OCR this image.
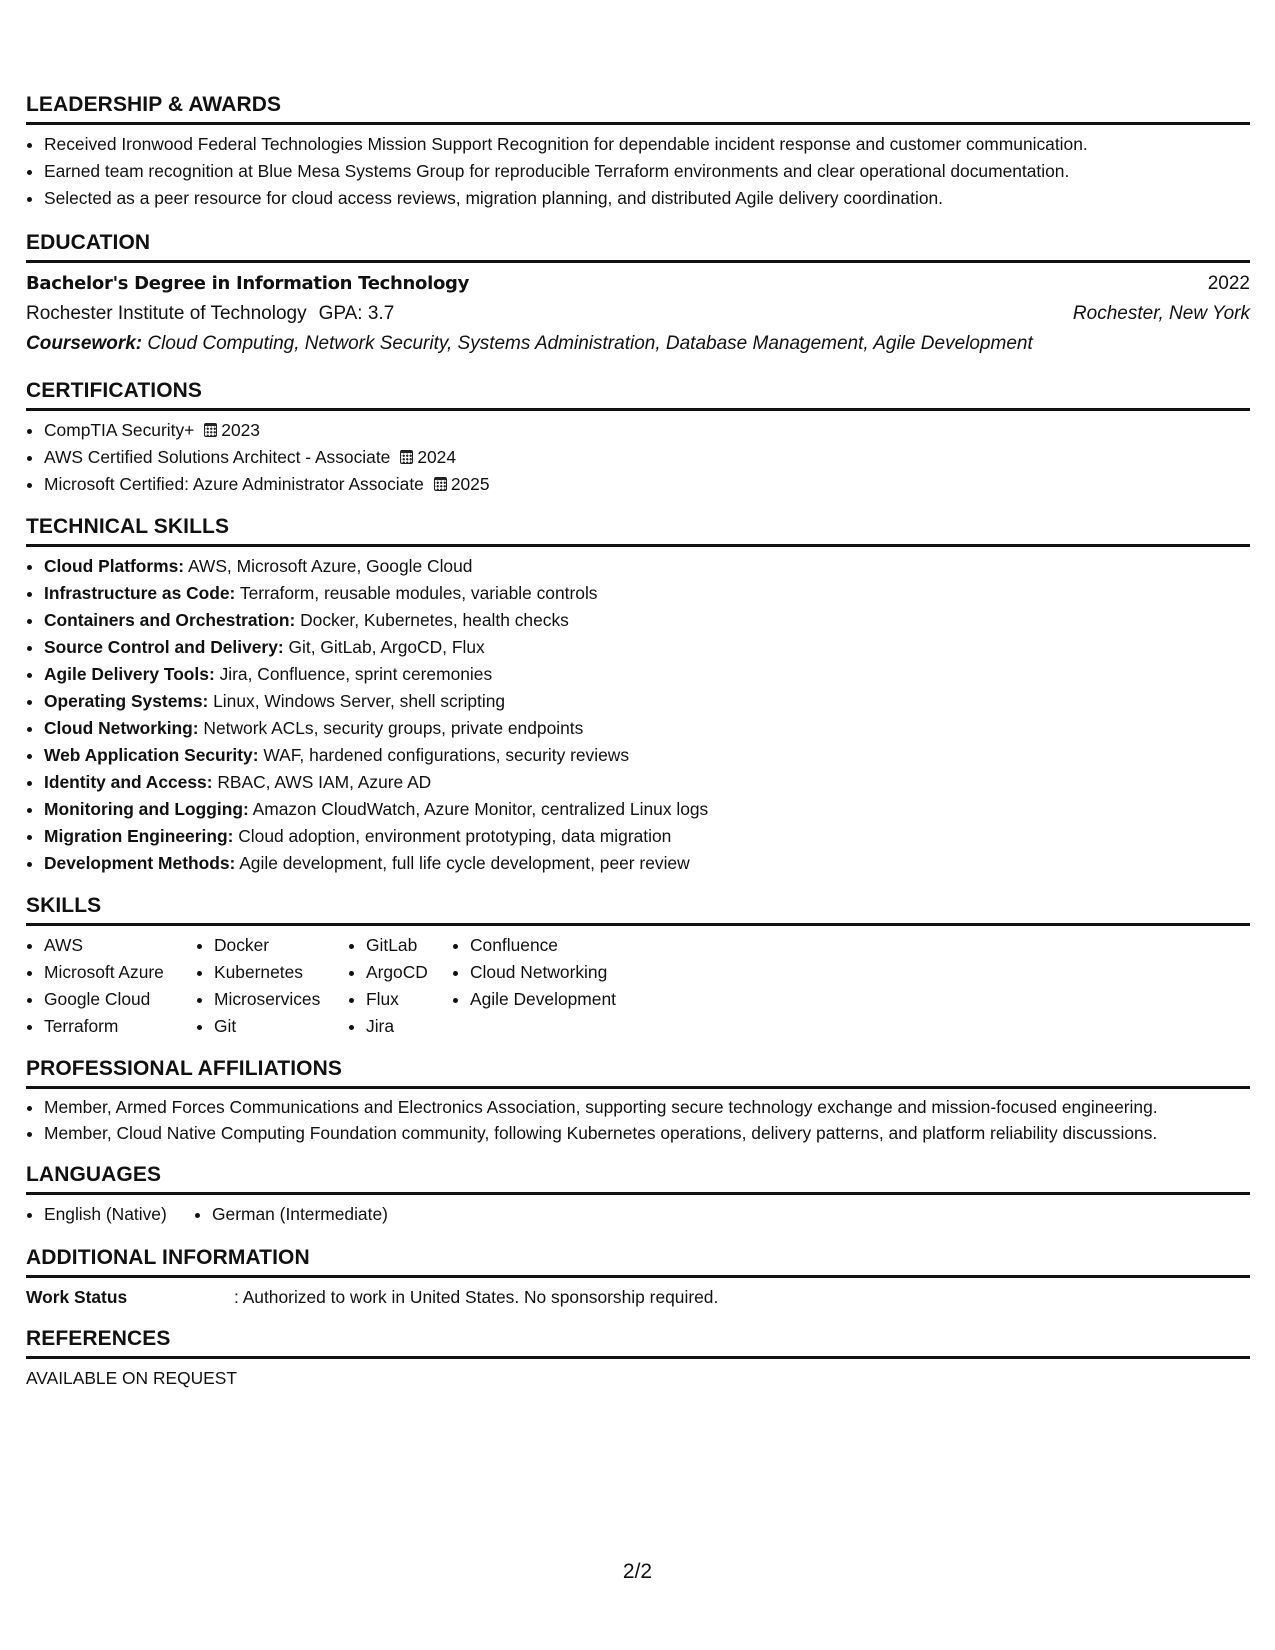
LEADERSHIP & AWARDS
• Received Ironwood Federal Technologies Mission Support Recognition for dependable incident response and customer communication.
• Earned team recognition at Blue Mesa Systems Group for reproducible Terraform environments and clear operational documentation.
• Selected as a peer resource for cloud access reviews, migration planning, and distributed Agile delivery coordination.
EDUCATION
Bachelor's Degree in Information Technology	2022
Rochester Institute of Technology GPA: 3.7	Rochester, New York
Coursework: Cloud Computing, Network Security, Systems Administration, Database Management, Agile Development
CERTIFICATIONS
• CompTIA Security+ 2023
• AWS Certified Solutions Architect - Associate 2024
• Microsoft Certified: Azure Administrator Associate 2025
TECHNICAL SKILLS
• Cloud Platforms: AWS, Microsoft Azure, Google Cloud
• Infrastructure as Code: Terraform, reusable modules, variable controls
• Containers and Orchestration: Docker, Kubernetes, health checks
• Source Control and Delivery: Git, GitLab, ArgoCD, Flux
• Agile Delivery Tools: Jira, Confluence, sprint ceremonies
• Operating Systems: Linux, Windows Server, shell scripting
• Cloud Networking: Network ACLs, security groups, private endpoints
• Web Application Security: WAF, hardened configurations, security reviews
• Identity and Access: RBAC, AWS IAM, Azure AD
• Monitoring and Logging: Amazon CloudWatch, Azure Monitor, centralized Linux logs
• Migration Engineering: Cloud adoption, environment prototyping, data migration
• Development Methods: Agile development, full life cycle development, peer review
SKILLS
• AWS
• Microsoft Azure
• Google Cloud
• Terraform
• Docker
• Kubernetes
• Microservices
• Git
• GitLab
• ArgoCD
• Flux
• Jira
• Confluence
• Cloud Networking
• Agile Development
PROFESSIONAL AFFILIATIONS
• Member, Armed Forces Communications and Electronics Association, supporting secure technology exchange and mission-focused engineering.
• Member, Cloud Native Computing Foundation community, following Kubernetes operations, delivery patterns, and platform reliability discussions.
LANGUAGES
• English (Native)
•	German (Intermediate)
ADDITIONAL INFORMATION
Work Status	: Authorized to work in United States. No sponsorship required.
REFERENCES
AVAILABLE ON REQUEST
2/2
